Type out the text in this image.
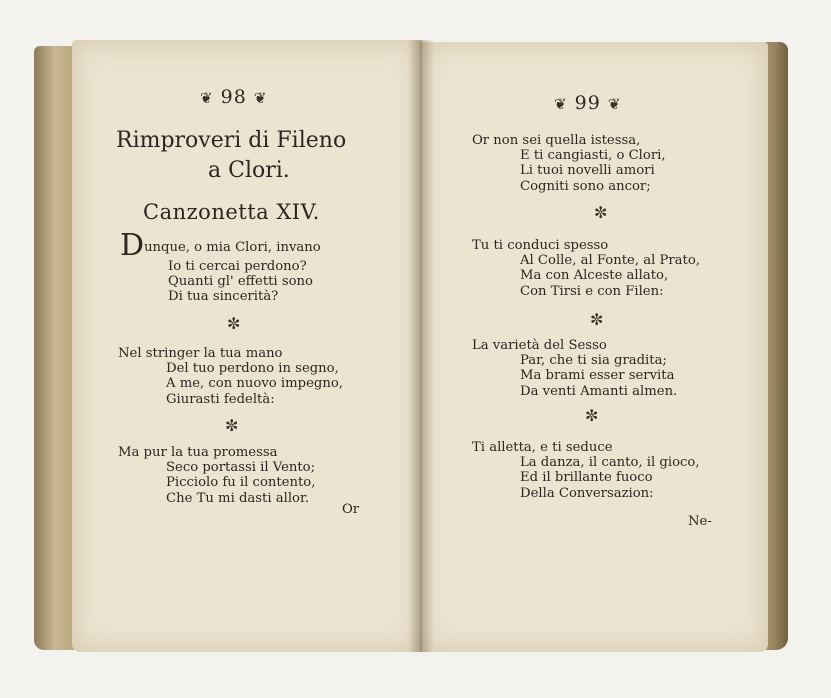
❦ 98 ❦
Rimproveri di Fileno
a Clori.
Canzonetta XIV.
Dunque, o mia Clori, invano
Io ti cercai perdono?
Quanti gl' effetti sono
Di tua sincerità?
✼
Nel stringer la tua mano
Del tuo perdono in segno,
A me, con nuovo impegno,
Giurasti fedeltà:
✼
Ma pur la tua promessa
Seco portassi il Vento;
Picciolo fu il contento,
Che Tu mi dasti allor.
Or
❦ 99 ❦
Or non sei quella istessa,
E ti cangiasti, o Clori,
Li tuoi novelli amori
Cogniti sono ancor;
✼
Tu ti conduci spesso
Al Colle, al Fonte, al Prato,
Ma con Alceste allato,
Con Tirsi e con Filen:
✼
La varietà del Sesso
Par, che ti sia gradita;
Ma brami esser servita
Da venti Amanti almen.
✼
Ti alletta, e ti seduce
La danza, il canto, il gioco,
Ed il brillante fuoco
Della Conversazion:
Ne-
